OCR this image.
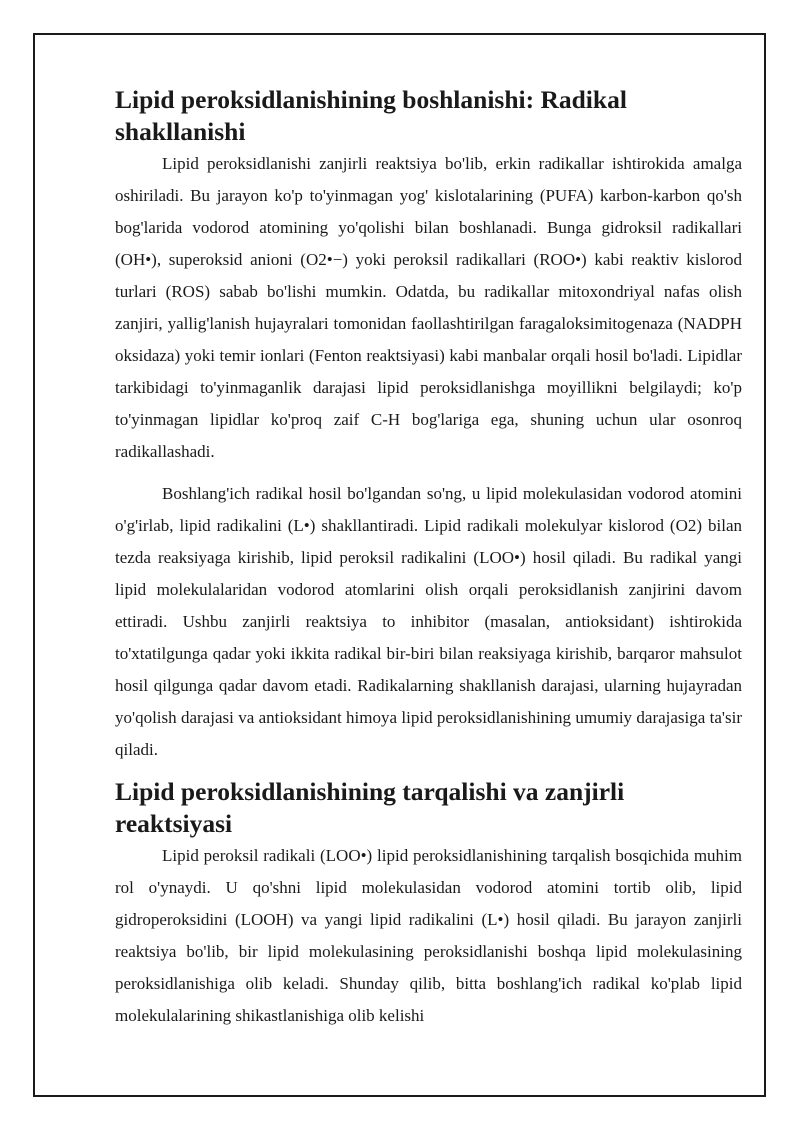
Lipid peroksidlanishining boshlanishi: Radikal shakllanishi

Lipid peroksidlanishi zanjirli reaktsiya bo'lib, erkin radikallar ishtirokida amalga oshiriladi. Bu jarayon ko'p to'yinmagan yog' kislotalarining (PUFA) karbon-karbon qo'sh bog'larida vodorod atomining yo'qolishi bilan boshlanadi. Bunga gidroksil radikallari (OH•), superoksid anioni (O2•−) yoki peroksil radikallari (ROO•) kabi reaktiv kislorod turlari (ROS) sabab bo'lishi mumkin. Odatda, bu radikallar mitoxondriyal nafas olish zanjiri, yallig'lanish hujayralari tomonidan faollashtirilgan faragaloksimitogenaza (NADPH oksidaza) yoki temir ionlari (Fenton reaktsiyasi) kabi manbalar orqali hosil bo'ladi. Lipidlar tarkibidagi to'yinmaganlik darajasi lipid peroksidlanishga moyillikni belgilaydi; ko'p to'yinmagan lipidlar ko'proq zaif C-H bog'lariga ega, shuning uchun ular osonroq radikallashadi.

Boshlang'ich radikal hosil bo'lgandan so'ng, u lipid molekulasidan vodorod atomini o'g'irlab, lipid radikalini (L•) shakllantiradi. Lipid radikali molekulyar kislorod (O2) bilan tezda reaksiyaga kirishib, lipid peroksil radikalini (LOO•) hosil qiladi. Bu radikal yangi lipid molekulalaridan vodorod atomlarini olish orqali peroksidlanish zanjirini davom ettiradi. Ushbu zanjirli reaktsiya to inhibitor (masalan, antioksidant) ishtirokida to'xtatilgunga qadar yoki ikkita radikal bir-biri bilan reaksiyaga kirishib, barqaror mahsulot hosil qilgunga qadar davom etadi. Radikalarning shakllanish darajasi, ularning hujayradan yo'qolish darajasi va antioksidant himoya lipid peroksidlanishining umumiy darajasiga ta'sir qiladi.

Lipid peroksidlanishining tarqalishi va zanjirli reaktsiyasi

Lipid peroksil radikali (LOO•) lipid peroksidlanishining tarqalish bosqichida muhim rol o'ynaydi. U qo'shni lipid molekulasidan vodorod atomini tortib olib, lipid gidroperoksidini (LOOH) va yangi lipid radikalini (L•) hosil qiladi. Bu jarayon zanjirli reaktsiya bo'lib, bir lipid molekulasining peroksidlanishi boshqa lipid molekulasining peroksidlanishiga olib keladi. Shunday qilib, bitta boshlang'ich radikal ko'plab lipid molekulalarining shikastlanishiga olib kelishi
